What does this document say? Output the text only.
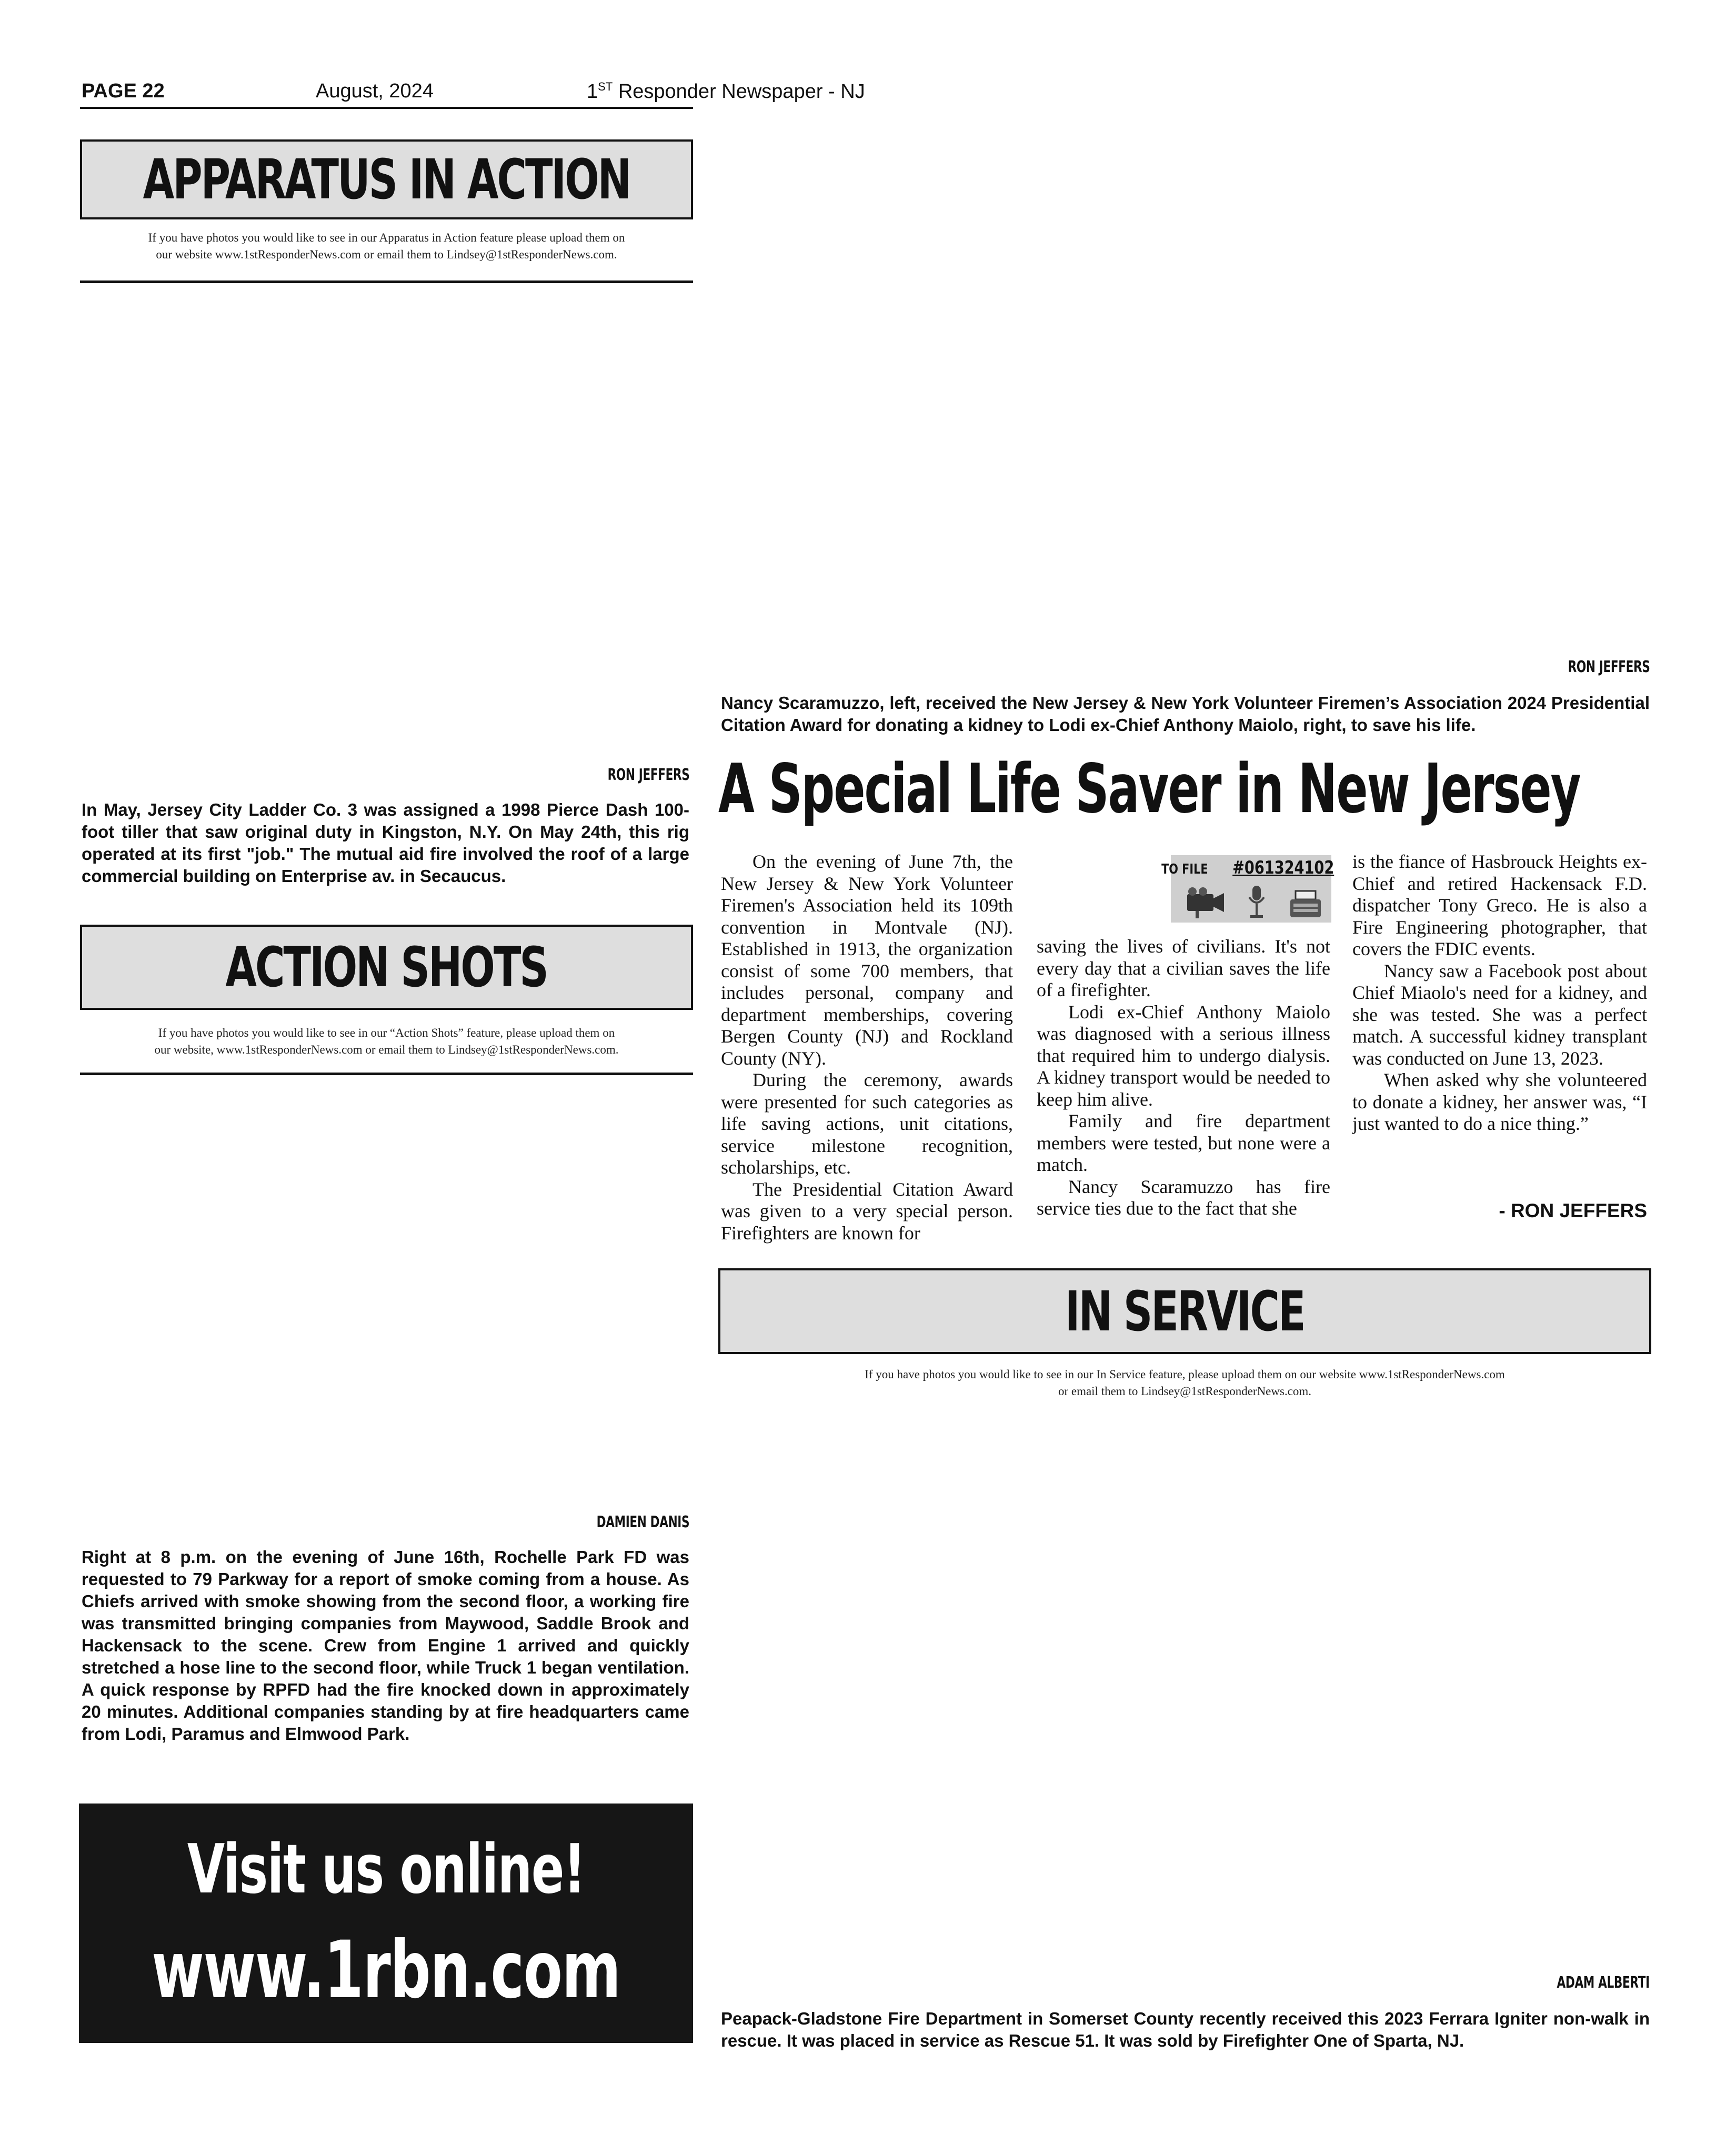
PAGE 22	August, 2024	1ST Responder Newspaper - NJ
APPARATUS IN ACTION
If you have photos you would like to see in our Apparatus in Action feature please upload them on
our website www.1stResponderNews.com or email them to Lindsey@1stResponderNews.com.
RON JEFFERS
In May, Jersey City Ladder Co. 3 was assigned a 1998 Pierce Dash 100-foot tiller that saw original duty in Kingston, N.Y. On May 24th, this rig operated at its first "job." The mutual aid fire involved the roof of a large commercial building on Enterprise av. in Secaucus.
ACTION SHOTS
If you have photos you would like to see in our “Action Shots” feature, please upload them on
our website, www.1stResponderNews.com or email them to Lindsey@1stResponderNews.com.
RON JEFFERS
Nancy Scaramuzzo, left, received the New Jersey & New York Volunteer Firemen’s Association 2024 Presidential Citation Award for donating a kidney to Lodi ex-Chief Anthony Maiolo, right, to save his life.
A Special Life Saver in New Jersey

On the evening of June 7th, the New Jersey & New York Volunteer Firemen's Association held its 109th convention in Montvale (NJ). Established in 1913, the organization consist of some 700 members, that includes personal, company and department memberships, covering Bergen County (NJ) and Rockland County (NY).

During the ceremony, awards were presented for such categories as life saving actions, unit citations, service milestone recognition, scholarships, etc.

The Presidential Citation Award was given to a very special person. Firefighters are known for

TO FILE #061324102

saving the lives of civilians. It's not every day that a civilian saves the life of a firefighter.

Lodi ex-Chief Anthony Maiolo was diagnosed with a serious illness that required him to undergo dialysis. A kidney transport would be needed to keep him alive.

Family and fire department members were tested, but none were a match.

Nancy Scaramuzzo has fire service ties due to the fact that she

is the fiance of Hasbrouck Heights ex-Chief and retired Hackensack F.D. dispatcher Tony Greco. He is also a Fire Engineering photographer, that covers the FDIC events.

Nancy saw a Facebook post about Chief Miaolo's need for a kidney, and she was tested. She was a perfect match. A successful kidney transplant was conducted on June 13, 2023.

When asked why she volunteered to donate a kidney, her answer was, “I just wanted to do a nice thing.”

- RON JEFFERS
IN SERVICE
If you have photos you would like to see in our In Service feature, please upload them on our website www.1stResponderNews.com
or email them to Lindsey@1stResponderNews.com.
DAMIEN DANIS
Right at 8 p.m. on the evening of June 16th, Rochelle Park FD was requested to 79 Parkway for a report of smoke coming from a house. As Chiefs arrived with smoke showing from the second floor, a working fire was transmitted bringing companies from Maywood, Saddle Brook and Hackensack to the scene. Crew from Engine 1 arrived and quickly stretched a hose line to the second floor, while Truck 1 began ventilation. A quick response by RPFD had the fire knocked down in approximately 20 minutes. Additional companies standing by at fire headquarters came from Lodi, Paramus and Elmwood Park.
Visit us online!
www.1rbn.com	ADAM ALBERTI
Peapack-Gladstone Fire Department in Somerset County recently received this 2023 Ferrara Igniter non-walk in rescue. It was placed in service as Rescue 51. It was sold by Firefighter One of Sparta, NJ.
